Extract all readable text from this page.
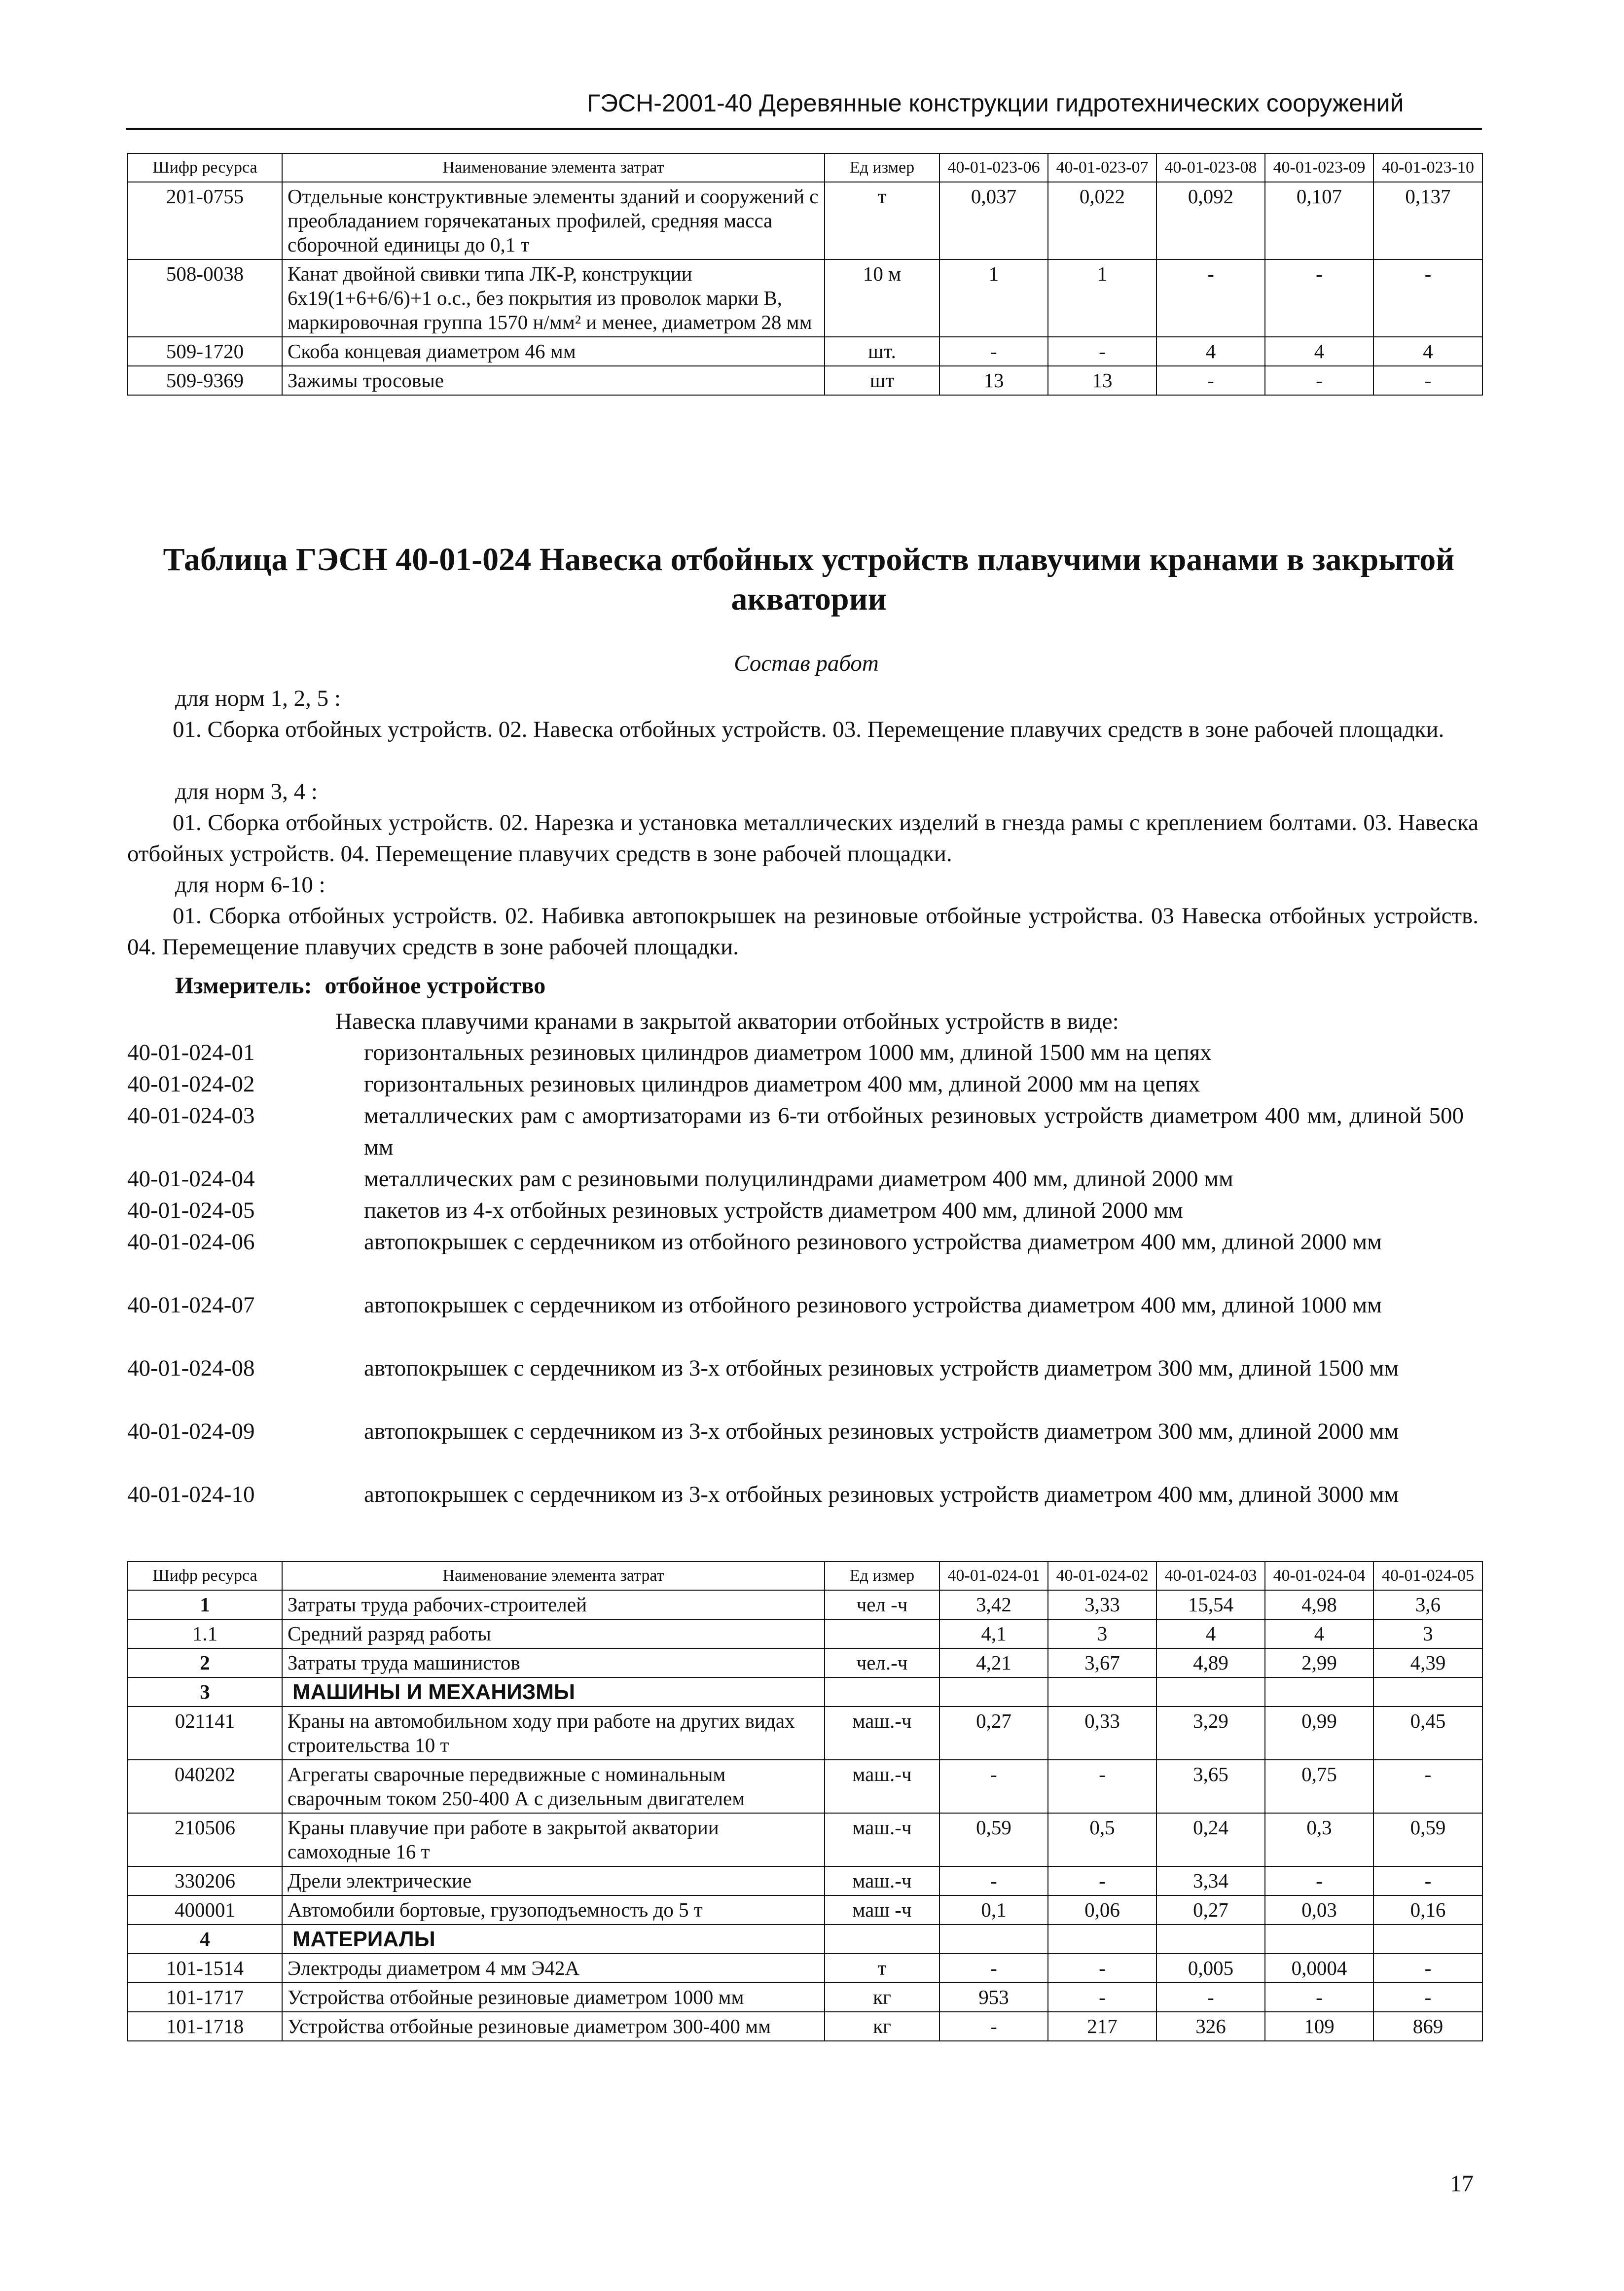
ГЭСН-2001-40 Деревянные конструкции гидротехнических сооружений
Шифр ресурса	Наименование элемента затрат	Ед измер	40-01-023-06	40-01-023-07	40-01-023-08	40-01-023-09	40-01-023-10
201-0755	Отдельные конструктивные элементы зданий и сооружений с преобладанием горячекатаных профилей, средняя масса сборочной единицы до 0,1 т	т	0,037	0,022	0,092	0,107	0,137
508-0038	Канат двойной свивки типа ЛК-Р, конструкции 6х19(1+6+6/6)+1 о.с., без покрытия из проволок марки В, маркировочная группа 1570 н/мм² и менее, диаметром 28 мм	10 м	1	1	-	-	-
509-1720	Скоба концевая диаметром 46 мм	шт.	-	-	4	4	4
509-9369	Зажимы тросовые	шт	13	13	-	-	-
Таблица ГЭСН 40-01-024 Навеска отбойных устройств плавучими кранами в закрытой акватории
Состав работ
для норм 1, 2, 5 :
01. Сборка отбойных устройств. 02. Навеска отбойных устройств. 03. Перемещение плавучих средств в зоне рабочей площадки.
для норм 3, 4 :
01. Сборка отбойных устройств. 02. Нарезка и установка металлических изделий в гнезда рамы с креплением болтами. 03. Навеска отбойных устройств. 04. Перемещение плавучих средств в зоне рабочей площадки.
для норм 6-10 :
01. Сборка отбойных устройств. 02. Набивка автопокрышек на резиновые отбойные устройства. 03 Навеска отбойных устройств. 04. Перемещение плавучих средств в зоне рабочей площадки.
Измеритель: отбойное устройство
Навеска плавучими кранами в закрытой акватории отбойных устройств в виде:
40-01-024-01	горизонтальных резиновых цилиндров диаметром 1000 мм, длиной 1500 мм на цепях
40-01-024-02	горизонтальных резиновых цилиндров диаметром 400 мм, длиной 2000 мм на цепях
40-01-024-03	металлических рам с амортизаторами из 6-ти отбойных резиновых устройств диаметром 400 мм, длиной 500 мм
40-01-024-04	металлических рам с резиновыми полуцилиндрами диаметром 400 мм, длиной 2000 мм
40-01-024-05	пакетов из 4-х отбойных резиновых устройств диаметром 400 мм, длиной 2000 мм
40-01-024-06	автопокрышек с сердечником из отбойного резинового устройства диаметром 400 мм, длиной 2000 мм
40-01-024-07	автопокрышек с сердечником из отбойного резинового устройства диаметром 400 мм, длиной 1000 мм
40-01-024-08	автопокрышек с сердечником из 3-х отбойных резиновых устройств диаметром 300 мм, длиной 1500 мм
40-01-024-09	автопокрышек с сердечником из 3-х отбойных резиновых устройств диаметром 300 мм, длиной 2000 мм
40-01-024-10	автопокрышек с сердечником из 3-х отбойных резиновых устройств диаметром 400 мм, длиной 3000 мм
Шифр ресурса	Наименование элемента затрат	Ед измер	40-01-024-01	40-01-024-02	40-01-024-03	40-01-024-04	40-01-024-05
1	Затраты труда рабочих-строителей	чел -ч	3,42	3,33	15,54	4,98	3,6
1.1	Средний разряд работы		4,1	3	4	4	3
2	Затраты труда машинистов	чел.-ч	4,21	3,67	4,89	2,99	4,39
3	МАШИНЫ И МЕХАНИЗМЫ						
021141	Краны на автомобильном ходу при работе на других видах строительства 10 т	маш.-ч	0,27	0,33	3,29	0,99	0,45
040202	Агрегаты сварочные передвижные с номинальным сварочным током 250-400 А с дизельным двигателем	маш.-ч	-	-	3,65	0,75	-
210506	Краны плавучие при работе в закрытой акватории самоходные 16 т	маш.-ч	0,59	0,5	0,24	0,3	0,59
330206	Дрели электрические	маш.-ч	-	-	3,34	-	-
400001	Автомобили бортовые, грузоподъемность до 5 т	маш -ч	0,1	0,06	0,27	0,03	0,16
4	МАТЕРИАЛЫ						
101-1514	Электроды диаметром 4 мм Э42А	т	-	-	0,005	0,0004	-
101-1717	Устройства отбойные резиновые диаметром 1000 мм	кг	953	-	-	-	-
101-1718	Устройства отбойные резиновые диаметром 300-400 мм	кг	-	217	326	109	869
17
